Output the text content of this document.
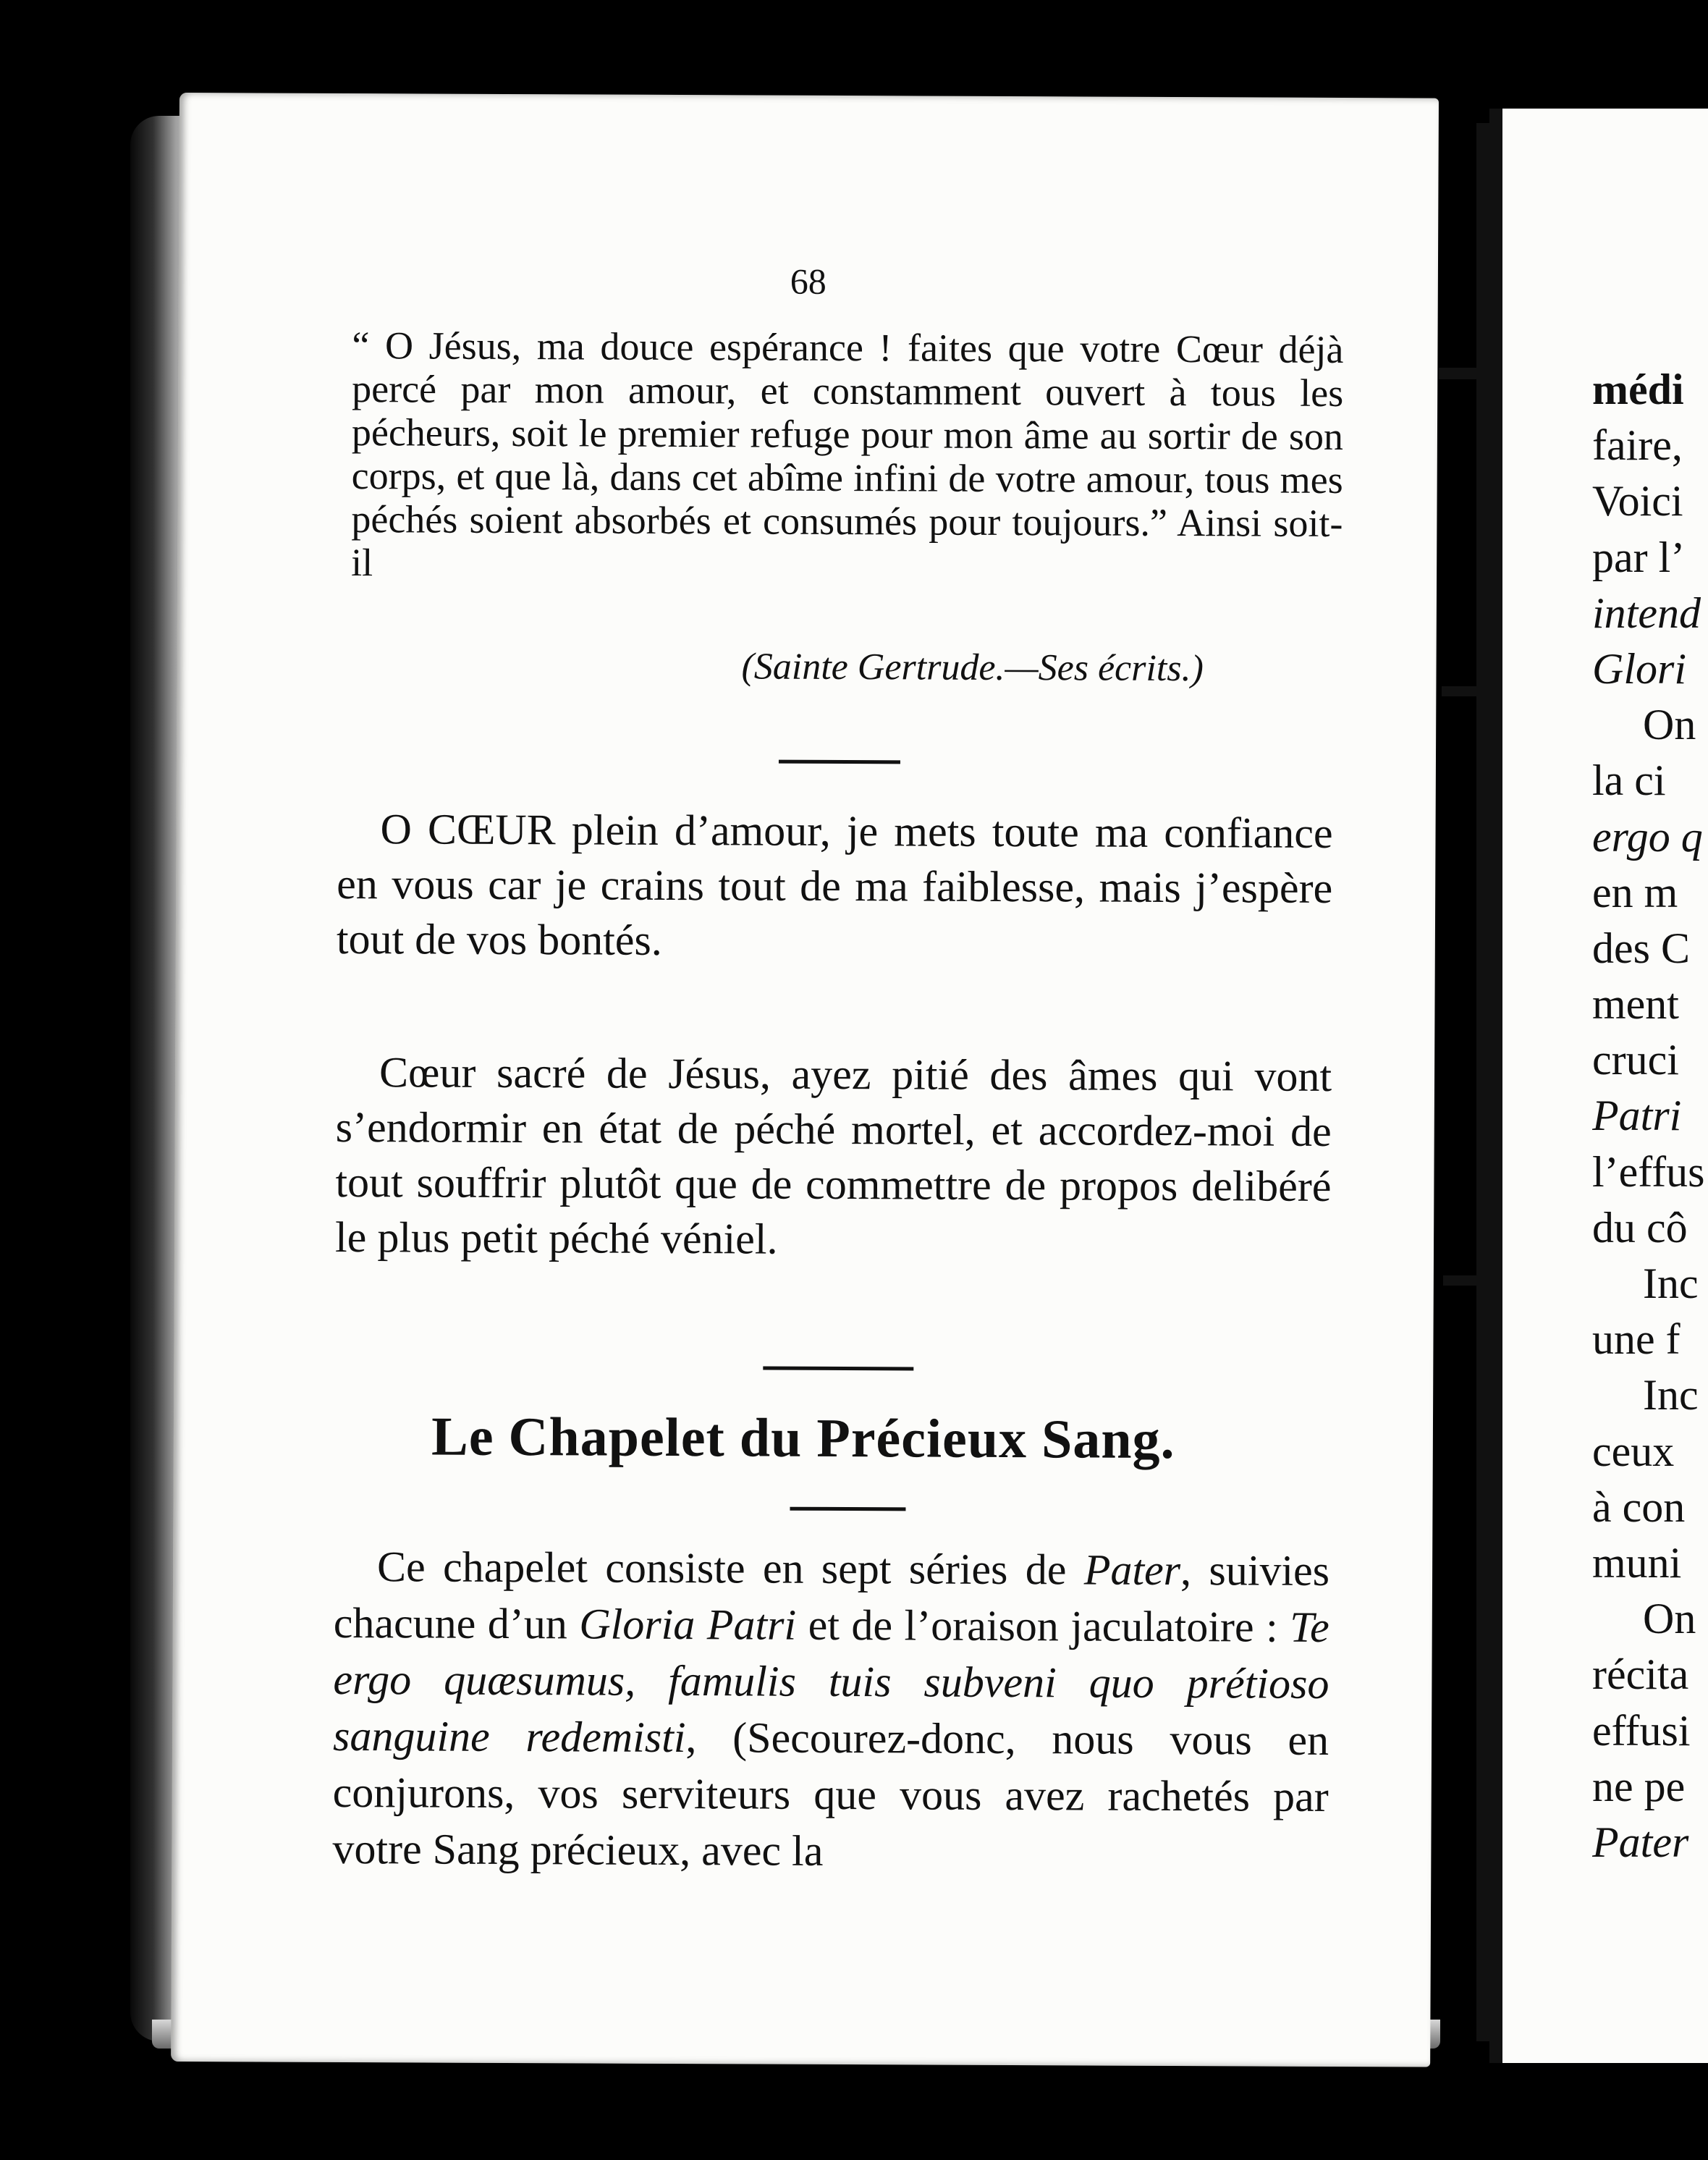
68

“ O Jésus, ma douce espérance ! faites que votre Cœur déjà percé par mon amour, et constamment ouvert à tous les pécheurs, soit le premier refuge pour mon âme au sortir de son corps, et que là, dans cet abîme infini de votre amour, tous mes péchés soient absorbés et consumés pour toujours.” Ainsi soit-il

(Sainte Gertrude.—Ses écrits.)

O CŒUR plein d’amour, je mets toute ma confiance en vous car je crains tout de ma faiblesse, mais j’espère tout de vos bontés.

Cœur sacré de Jésus, ayez pitié des âmes qui vont s’endormir en état de péché mortel, et accordez-moi de tout souffrir plutôt que de commettre de propos delibéré le plus petit péché véniel.

Le Chapelet du Précieux Sang.

Ce chapelet consiste en sept séries de Pater, suivies chacune d’un Gloria Patri et de l’oraison jaculatoire : Te ergo quæsumus, famulis tuis subveni quo prétioso sanguine redemisti, (Secourez-donc, nous vous en conjurons, vos serviteurs que vous avez rachetés par votre Sang précieux, avec la

médi
faire,
Voici
par l’
intend
Glori
On
la ci
ergo q
en m
des C
ment
cruci
Patri
l’effus
du cô
Inc
une f
Inc
ceux
à con
muni
On
récita
effusi
ne pe
Pater
